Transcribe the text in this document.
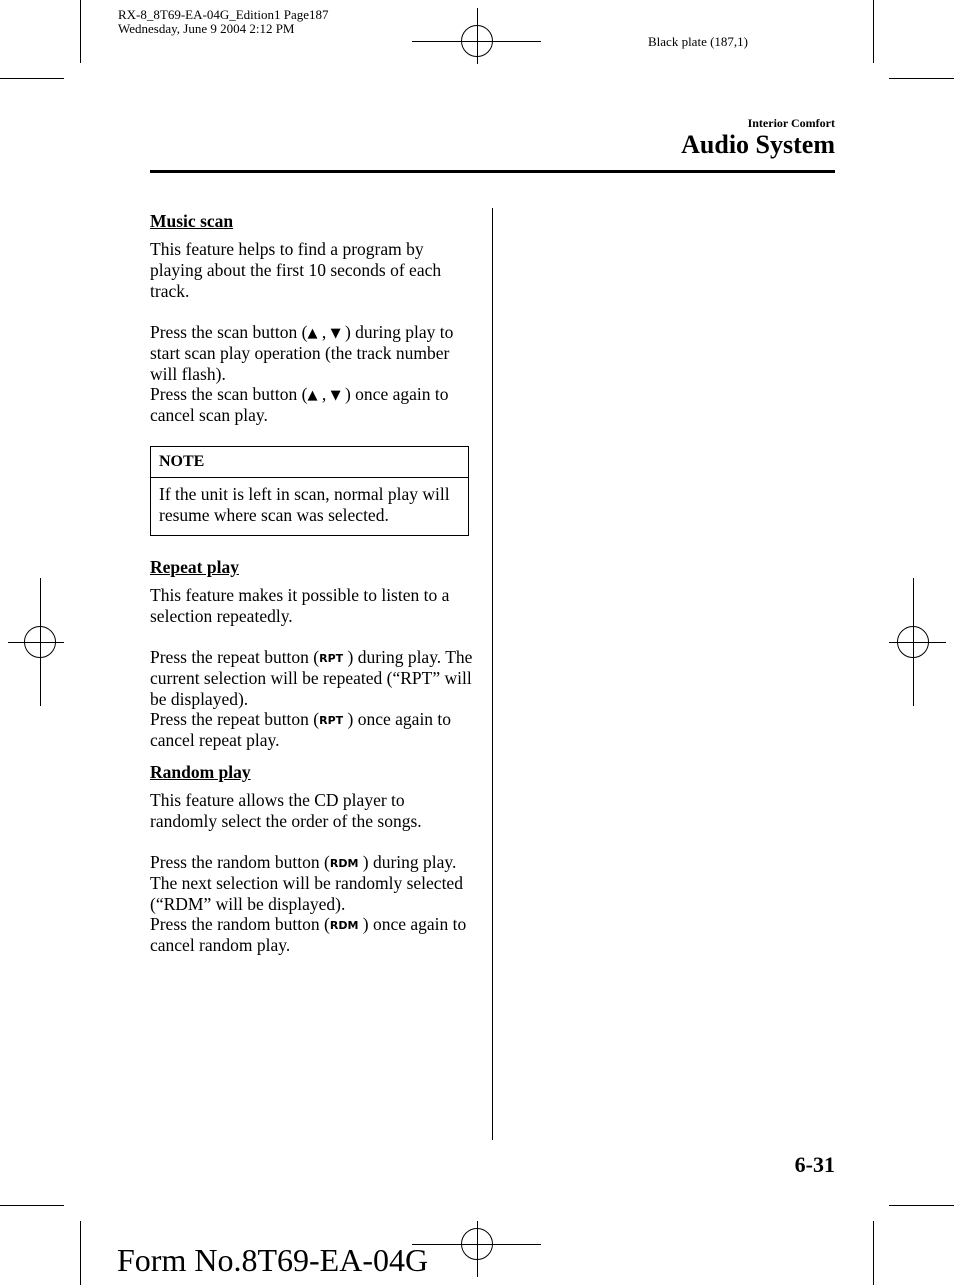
RX-8_8T69-EA-04G_Edition1 Page187
Wednesday, June 9 2004 2:12 PM
Black plate (187,1)
Interior Comfort
Audio System
Music scan

This feature helps to find a program by playing about the first 10 seconds of each track.

Press the scan button (▲ , ▼ ) during play to start scan play operation (the track number will flash).

Press the scan button (▲ , ▼ ) once again to cancel scan play.

NOTE
If the unit is left in scan, normal play will resume where scan was selected.
Repeat play

This feature makes it possible to listen to a selection repeatedly.

Press the repeat button (RPT ) during play. The current selection will be repeated (“RPT” will be displayed).

Press the repeat button (RPT ) once again to cancel repeat play.

Random play

This feature allows the CD player to randomly select the order of the songs.

Press the random button (RDM ) during play. The next selection will be randomly selected (“RDM” will be displayed).

Press the random button (RDM ) once again to cancel random play.

6-31
Form No.8T69-EA-04G
